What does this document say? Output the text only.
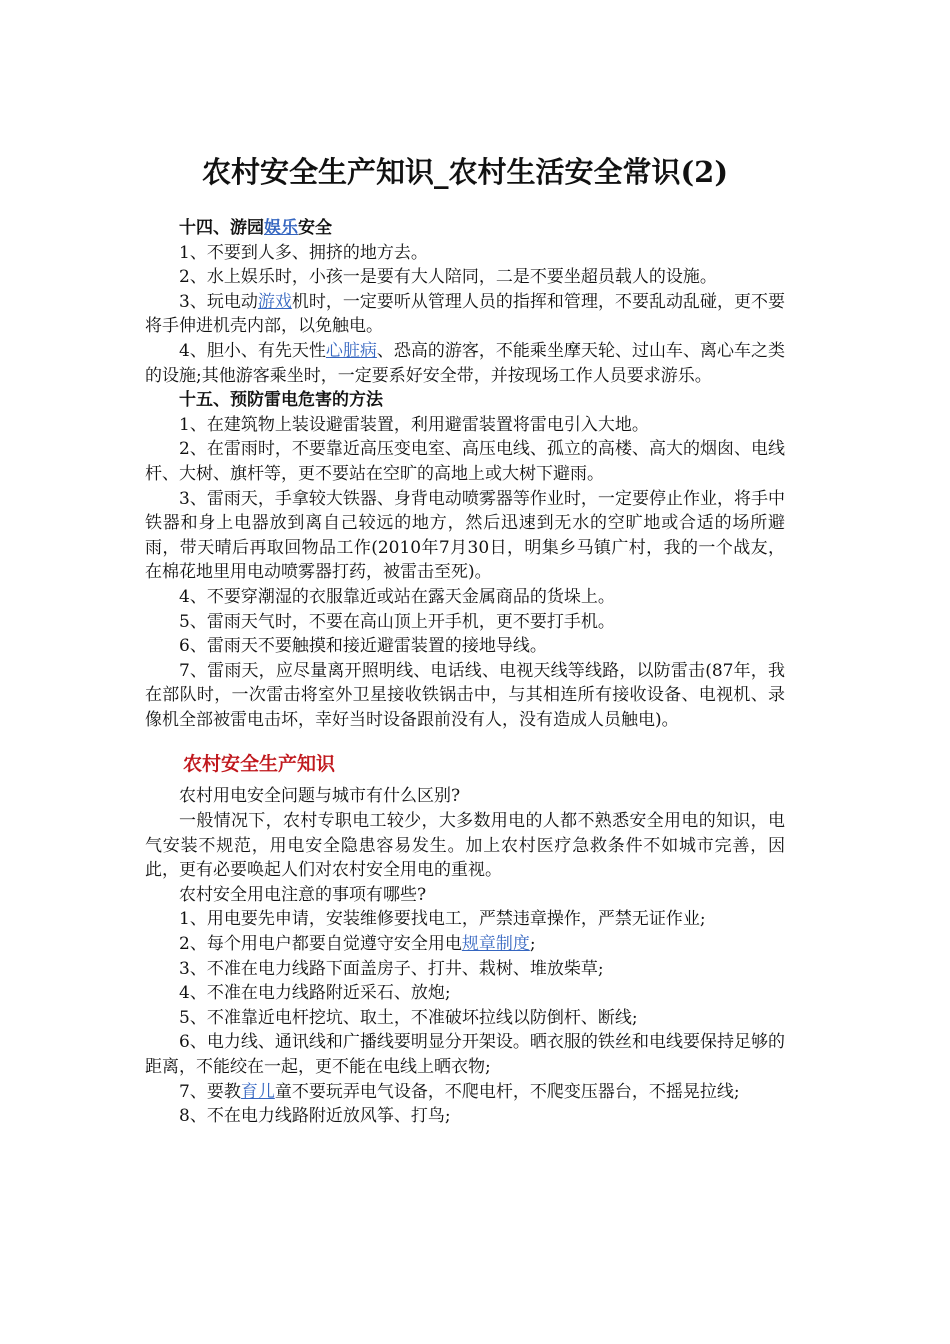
农村安全生产知识_农村生活安全常识(2)

十四、游园娱乐安全

1、不要到人多、拥挤的地方去。

2、水上娱乐时，小孩一是要有大人陪同，二是不要坐超员载人的设施。

3、玩电动游戏机时，一定要听从管理人员的指挥和管理，不要乱动乱碰，更不要将手伸进机壳内部，以免触电。

4、胆小、有先天性心脏病、恐高的游客，不能乘坐摩天轮、过山车、离心车之类的设施;其他游客乘坐时，一定要系好安全带，并按现场工作人员要求游乐。

十五、预防雷电危害的方法

1、在建筑物上装设避雷装置，利用避雷装置将雷电引入大地。

2、在雷雨时，不要靠近高压变电室、高压电线、孤立的高楼、高大的烟囱、电线杆、大树、旗杆等，更不要站在空旷的高地上或大树下避雨。

3、雷雨天，手拿较大铁器、身背电动喷雾器等作业时，一定要停止作业，将手中铁器和身上电器放到离自己较远的地方，然后迅速到无水的空旷地或合适的场所避雨，带天晴后再取回物品工作(2010年7月30日，明集乡马镇广村，我的一个战友，在棉花地里用电动喷雾器打药，被雷击至死)。

4、不要穿潮湿的衣服靠近或站在露天金属商品的货垛上。

5、雷雨天气时，不要在高山顶上开手机，更不要打手机。

6、雷雨天不要触摸和接近避雷装置的接地导线。

7、雷雨天，应尽量离开照明线、电话线、电视天线等线路，以防雷击(87年，我在部队时，一次雷击将室外卫星接收铁锅击中，与其相连所有接收设备、电视机、录像机全部被雷电击坏，幸好当时设备跟前没有人，没有造成人员触电)。

农村安全生产知识

农村用电安全问题与城市有什么区别?

一般情况下，农村专职电工较少，大多数用电的人都不熟悉安全用电的知识，电气安装不规范，用电安全隐患容易发生。加上农村医疗急救条件不如城市完善，因此，更有必要唤起人们对农村安全用电的重视。

农村安全用电注意的事项有哪些?

1、用电要先申请，安装维修要找电工，严禁违章操作，严禁无证作业;

2、每个用电户都要自觉遵守安全用电规章制度;

3、不准在电力线路下面盖房子、打井、栽树、堆放柴草;

4、不准在电力线路附近采石、放炮;

5、不准靠近电杆挖坑、取土，不准破坏拉线以防倒杆、断线;

6、电力线、通讯线和广播线要明显分开架设。晒衣服的铁丝和电线要保持足够的距离，不能绞在一起，更不能在电线上晒衣物;

7、要教育儿童不要玩弄电气设备，不爬电杆，不爬变压器台，不摇晃拉线;

8、不在电力线路附近放风筝、打鸟;
